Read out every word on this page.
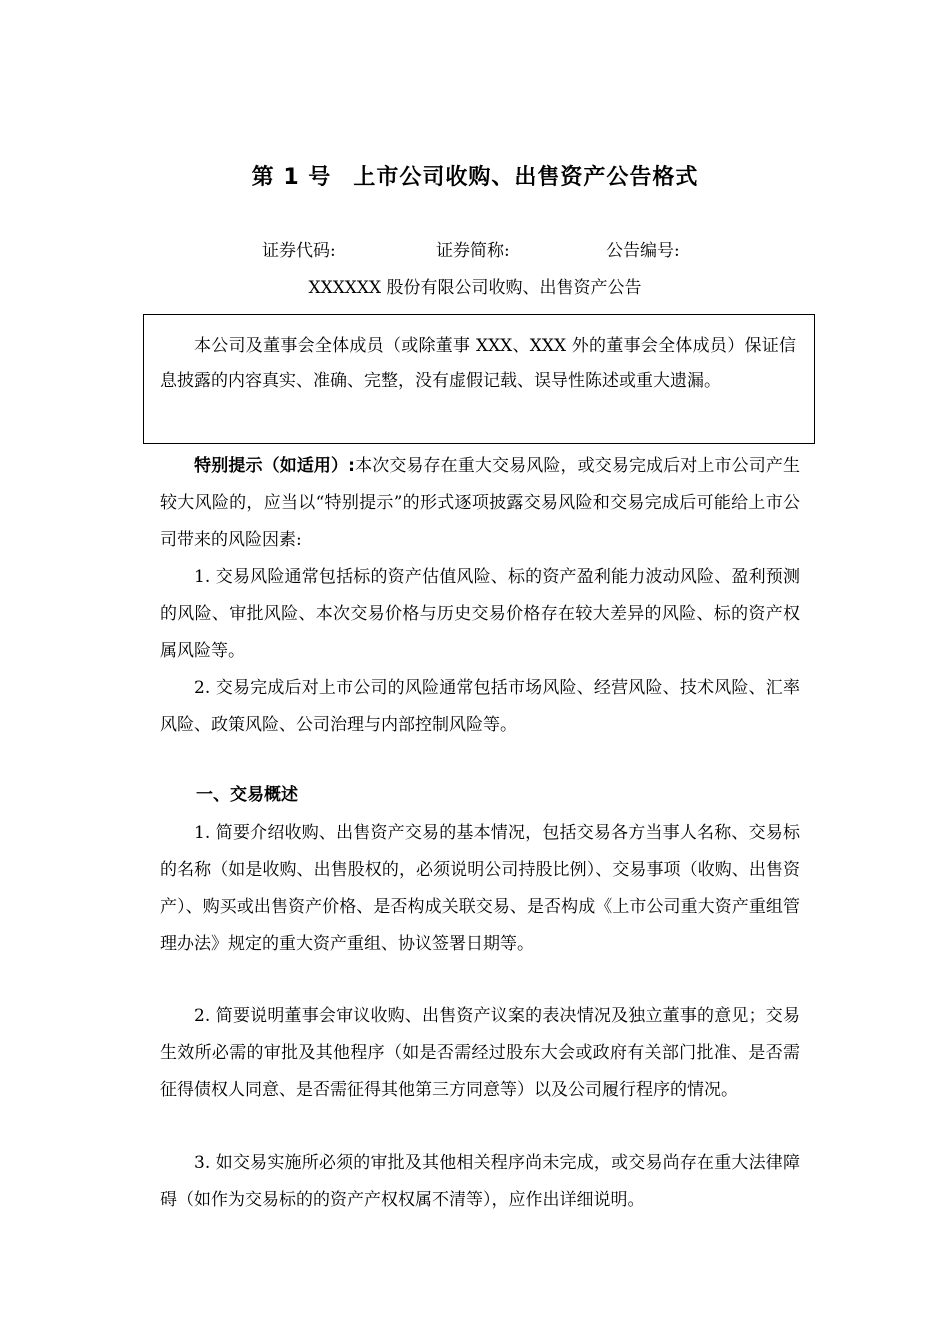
第 1 号 上市公司收购、出售资产公告格式
证券代码:	证券简称:	公告编号:
XXXXXX 股份有限公司收购、出售资产公告

本公司及董事会全体成员（或除董事 XXX、XXX 外的董事会全体成员）保证信息披露的内容真实、准确、完整，没有虚假记载、误导性陈述或重大遗漏。

特别提示（如适用）:本次交易存在重大交易风险，或交易完成后对上市公司产生较大风险的，应当以“特别提示”的形式逐项披露交易风险和交易完成后可能给上市公司带来的风险因素:
1. 交易风险通常包括标的资产估值风险、标的资产盈利能力波动风险、盈利预测的风险、审批风险、本次交易价格与历史交易价格存在较大差异的风险、标的资产权属风险等。
2. 交易完成后对上市公司的风险通常包括市场风险、经营风险、技术风险、汇率风险、政策风险、公司治理与内部控制风险等。
一、交易概述
1. 简要介绍收购、出售资产交易的基本情况，包括交易各方当事人名称、交易标的名称（如是收购、出售股权的，必须说明公司持股比例）、交易事项（收购、出售资产）、购买或出售资产价格、是否构成关联交易、是否构成《上市公司重大资产重组管理办法》规定的重大资产重组、协议签署日期等。
2. 简要说明董事会审议收购、出售资产议案的表决情况及独立董事的意见；交易生效所必需的审批及其他程序（如是否需经过股东大会或政府有关部门批准、是否需征得债权人同意、是否需征得其他第三方同意等）以及公司履行程序的情况。
3. 如交易实施所必须的审批及其他相关程序尚未完成，或交易尚存在重大法律障碍（如作为交易标的的资产产权权属不清等），应作出详细说明。
